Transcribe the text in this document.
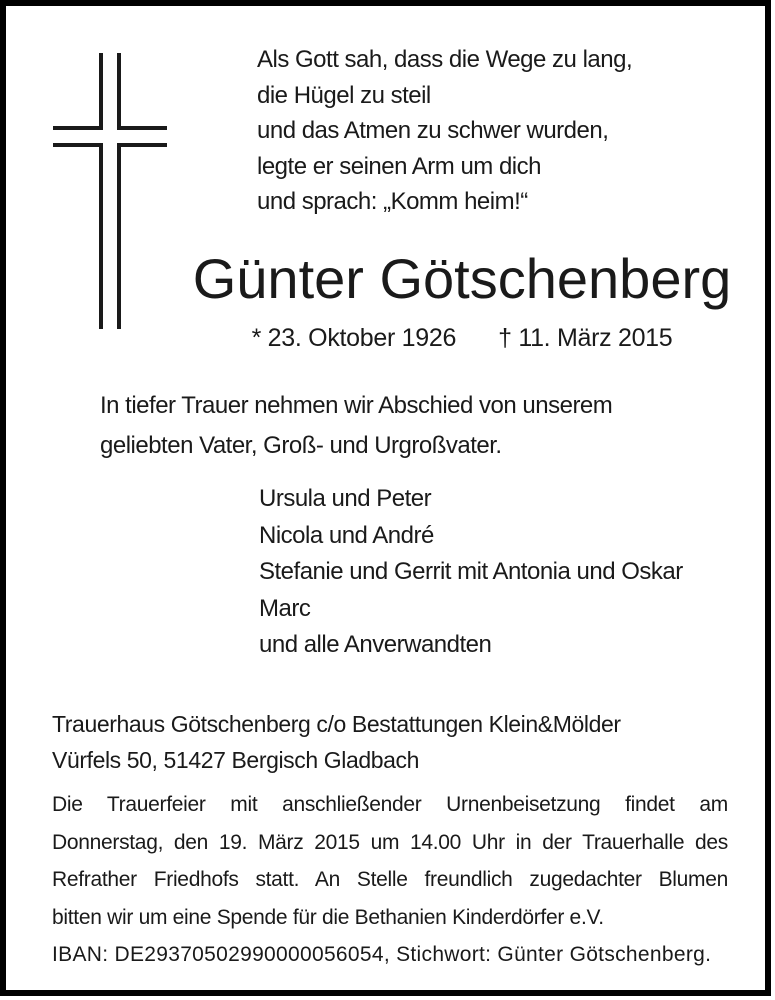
Als Gott sah, dass die Wege zu lang,
die Hügel zu steil
und das Atmen zu schwer wurden,
legte er seinen Arm um dich
und sprach: „Komm heim!“
Günter Götschenberg
* 23. Oktober 1926 † 11. März 2015
In tiefer Trauer nehmen wir Abschied von unserem
geliebten Vater, Groß- und Urgroßvater.
Ursula und Peter
Nicola und André
Stefanie und Gerrit mit Antonia und Oskar
Marc
und alle Anverwandten
Trauerhaus Götschenberg c/o Bestattungen Klein&Mölder
Vürfels 50, 51427 Bergisch Gladbach
Die Trauerfeier mit anschließender Urnenbeisetzung findet am
Donnerstag, den 19. März 2015 um 14.00 Uhr in der Trauerhalle des
Refrather Friedhofs statt. An Stelle freundlich zugedachter Blumen
bitten wir um eine Spende für die Bethanien Kinderdörfer e.V.
IBAN: DE29370502990000056054, Stichwort: Günter Götschenberg.
